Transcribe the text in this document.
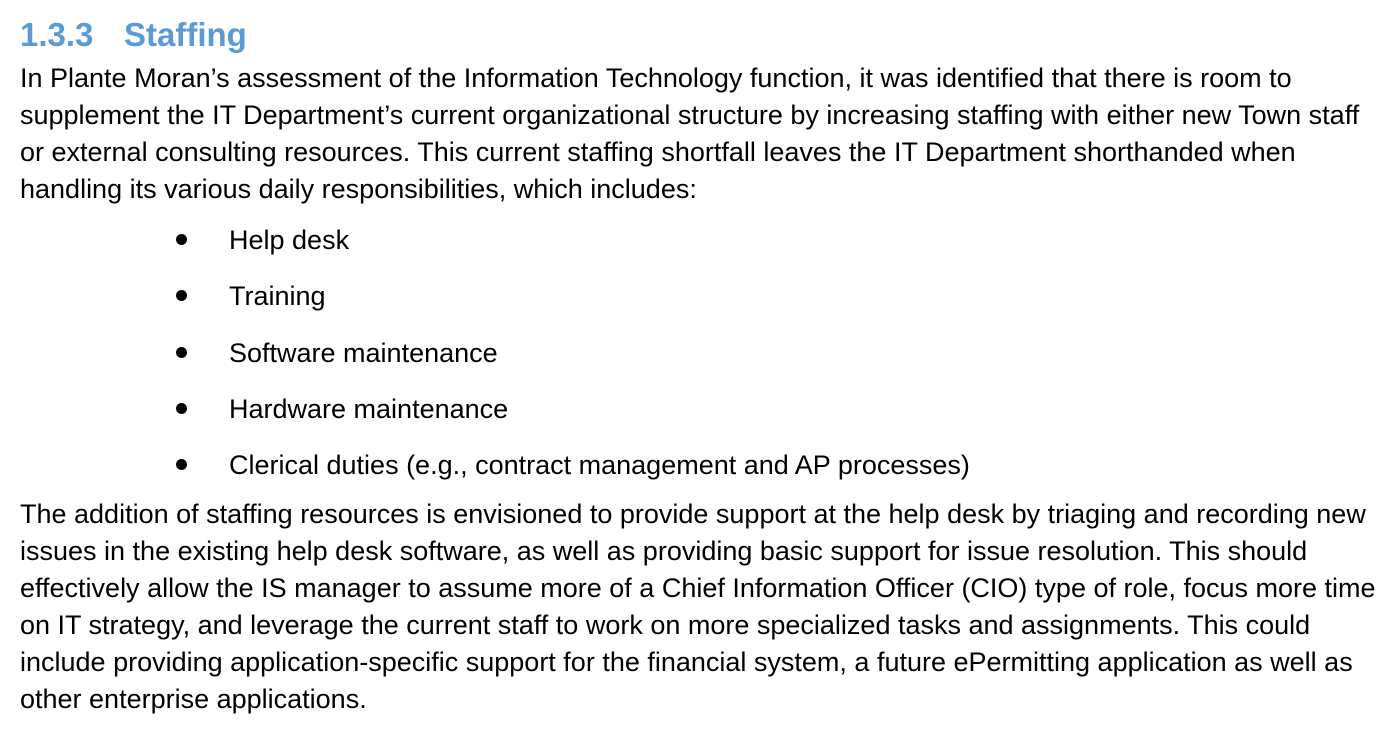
1.3.3 Staffing

In Plante Moran’s assessment of the Information Technology function, it was identified that there is room to supplement the IT Department’s current organizational structure by increasing staffing with either new Town staff or external consulting resources. This current staffing shortfall leaves the IT Department shorthanded when handling its various daily responsibilities, which includes:

Help desk
Training
Software maintenance
Hardware maintenance
Clerical duties (e.g., contract management and AP processes)

The addition of staffing resources is envisioned to provide support at the help desk by triaging and recording new issues in the existing help desk software, as well as providing basic support for issue resolution. This should effectively allow the IS manager to assume more of a Chief Information Officer (CIO) type of role, focus more time on IT strategy, and leverage the current staff to work on more specialized tasks and assignments. This could include providing application-specific support for the financial system, a future ePermitting application as well as other enterprise applications.
